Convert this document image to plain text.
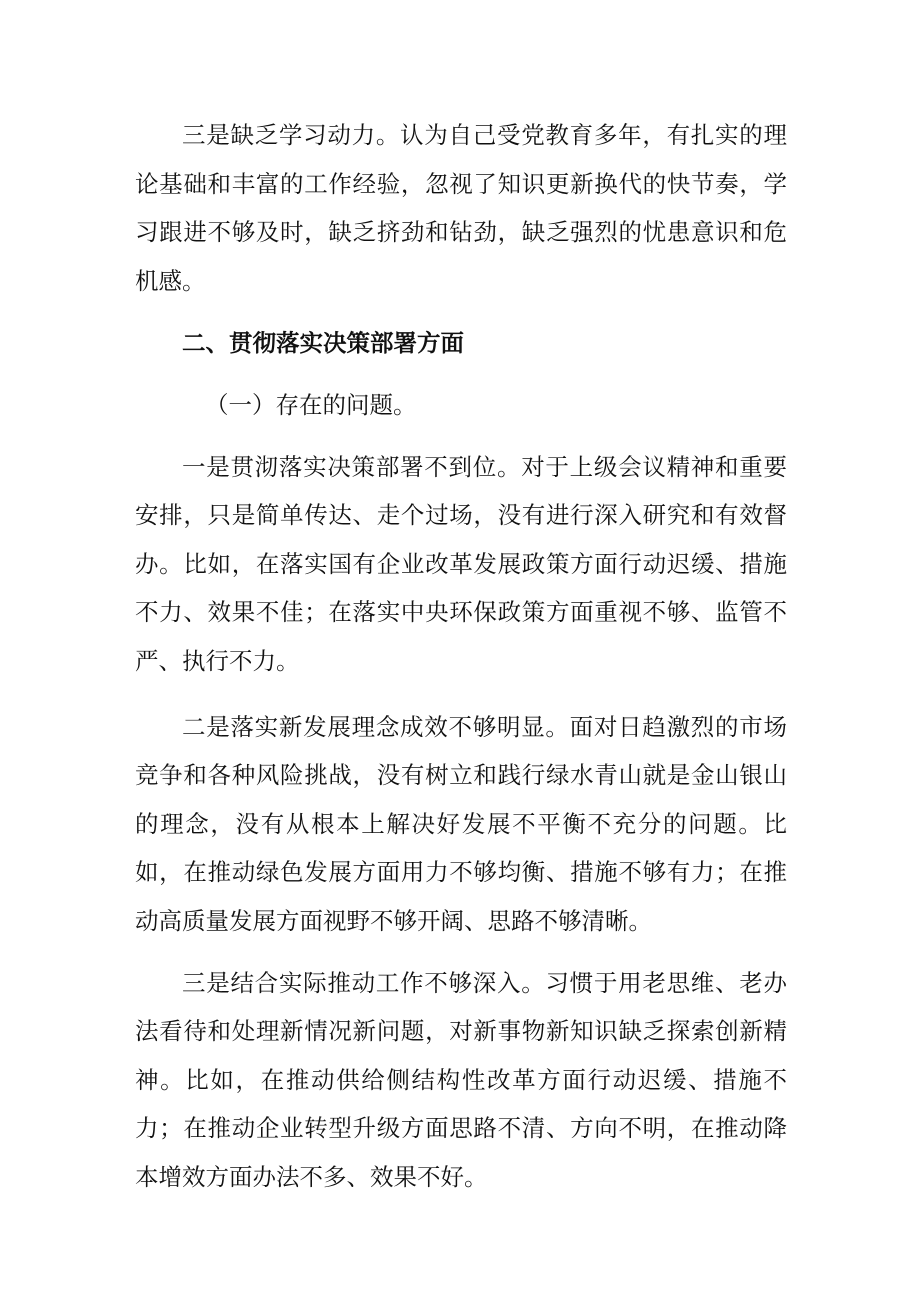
三是缺乏学习动力。认为自己受党教育多年，有扎实的理论基础和丰富的工作经验，忽视了知识更新换代的快节奏，学习跟进不够及时，缺乏挤劲和钻劲，缺乏强烈的忧患意识和危机感。

二、贯彻落实决策部署方面

（一）存在的问题。

一是贯沏落实决策部署不到位。对于上级会议精神和重要安排，只是简单传达、走个过场，没有进行深入研究和有效督办。比如，在落实国有企业改革发展政策方面行动迟缓、措施不力、效果不佳；在落实中央环保政策方面重视不够、监管不严、执行不力。

二是落实新发展理念成效不够明显。面对日趋激烈的市场竞争和各种风险挑战，没有树立和践行绿水青山就是金山银山的理念，没有从根本上解决好发展不平衡不充分的问题。比如，在推动绿色发展方面用力不够均衡、措施不够有力；在推动高质量发展方面视野不够开阔、思路不够清晰。

三是结合实际推动工作不够深入。习惯于用老思维、老办法看待和处理新情况新问题，对新事物新知识缺乏探索创新精神。比如，在推动供给侧结构性改革方面行动迟缓、措施不力；在推动企业转型升级方面思路不清、方向不明，在推动降本增效方面办法不多、效果不好。
